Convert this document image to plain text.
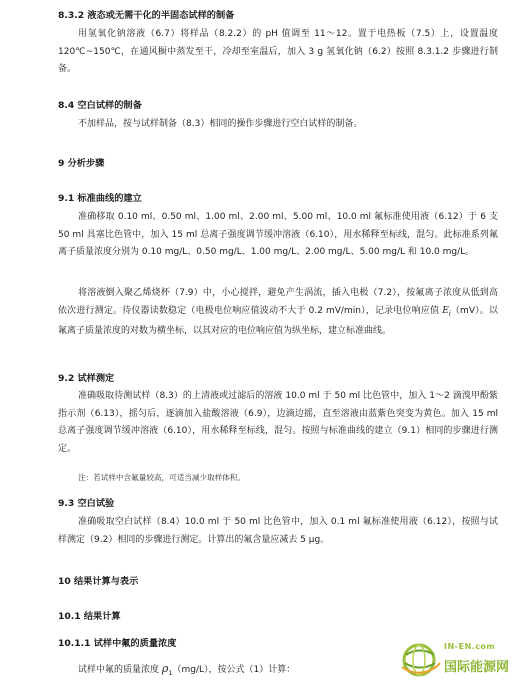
8.3.2 液态或无需干化的半固态试样的制备

用氢氧化钠溶液（6.7）将样品（8.2.2）的 pH 值调至 11～12。置于电热板（7.5）上，设置温度 120℃~150℃，在通风橱中蒸发至干，冷却至室温后，加入 3 g 氢氧化钠（6.2）按照 8.3.1.2 步骤进行制备。

8.4 空白试样的制备

不加样品，按与试样制备（8.3）相同的操作步骤进行空白试样的制备。

9 分析步骤
9.1 标准曲线的建立

准确移取 0.10 ml、0.50 ml、1.00 ml、2.00 ml、5.00 ml、10.0 ml 氟标准使用液（6.12）于 6 支 50 ml 具塞比色管中，加入 15 ml 总离子强度调节缓冲溶液（6.10），用水稀释至标线，混匀。此标准系列氟离子质量浓度分别为 0.10 mg/L、0.50 mg/L、1.00 mg/L、2.00 mg/L、5.00 mg/L 和 10.0 mg/L。

将溶液倒入聚乙烯烧杯（7.9）中，小心搅拌，避免产生涡流，插入电极（7.2），按氟离子浓度从低到高依次进行测定。待仪器读数稳定（电极电位响应值波动不大于 0.2 mV/min），记录电位响应值 $E_i(mV)$。以氟离子质量浓度的对数为横坐标，以其对应的电位响应值为纵坐标，建立标准曲线。

9.2 试样测定

准确吸取待测试样（8.3）的上清液或过滤后的溶液 10.0 ml 于 50 ml 比色管中，加入 1～2 滴溴甲酚紫指示剂（6.13），摇匀后，逐滴加入盐酸溶液（6.9），边滴边摇，直至溶液由蓝紫色突变为黄色。加入 15 ml 总离子强度调节缓冲溶液（6.10），用水稀释至标线，混匀。按照与标准曲线的建立（9.1）相同的步骤进行测定。

注：若试样中含氟量较高，可适当减少取样体积。
9.3 空白试验

准确吸取空白试样（8.4）10.0 ml 于 50 ml 比色管中，加入 0.1 ml 氟标准使用液（6.12），按照与试样测定（9.2）相同的步骤进行测定。计算出的氟含量应减去 5 μg。

10 结果计算与表示
10.1 结果计算
10.1.1 试样中氟的质量浓度
试样中氟的质量浓度 $\rho_1(mg/L)$，按公式（1）计算：
IN-EN.com
国际能源网
